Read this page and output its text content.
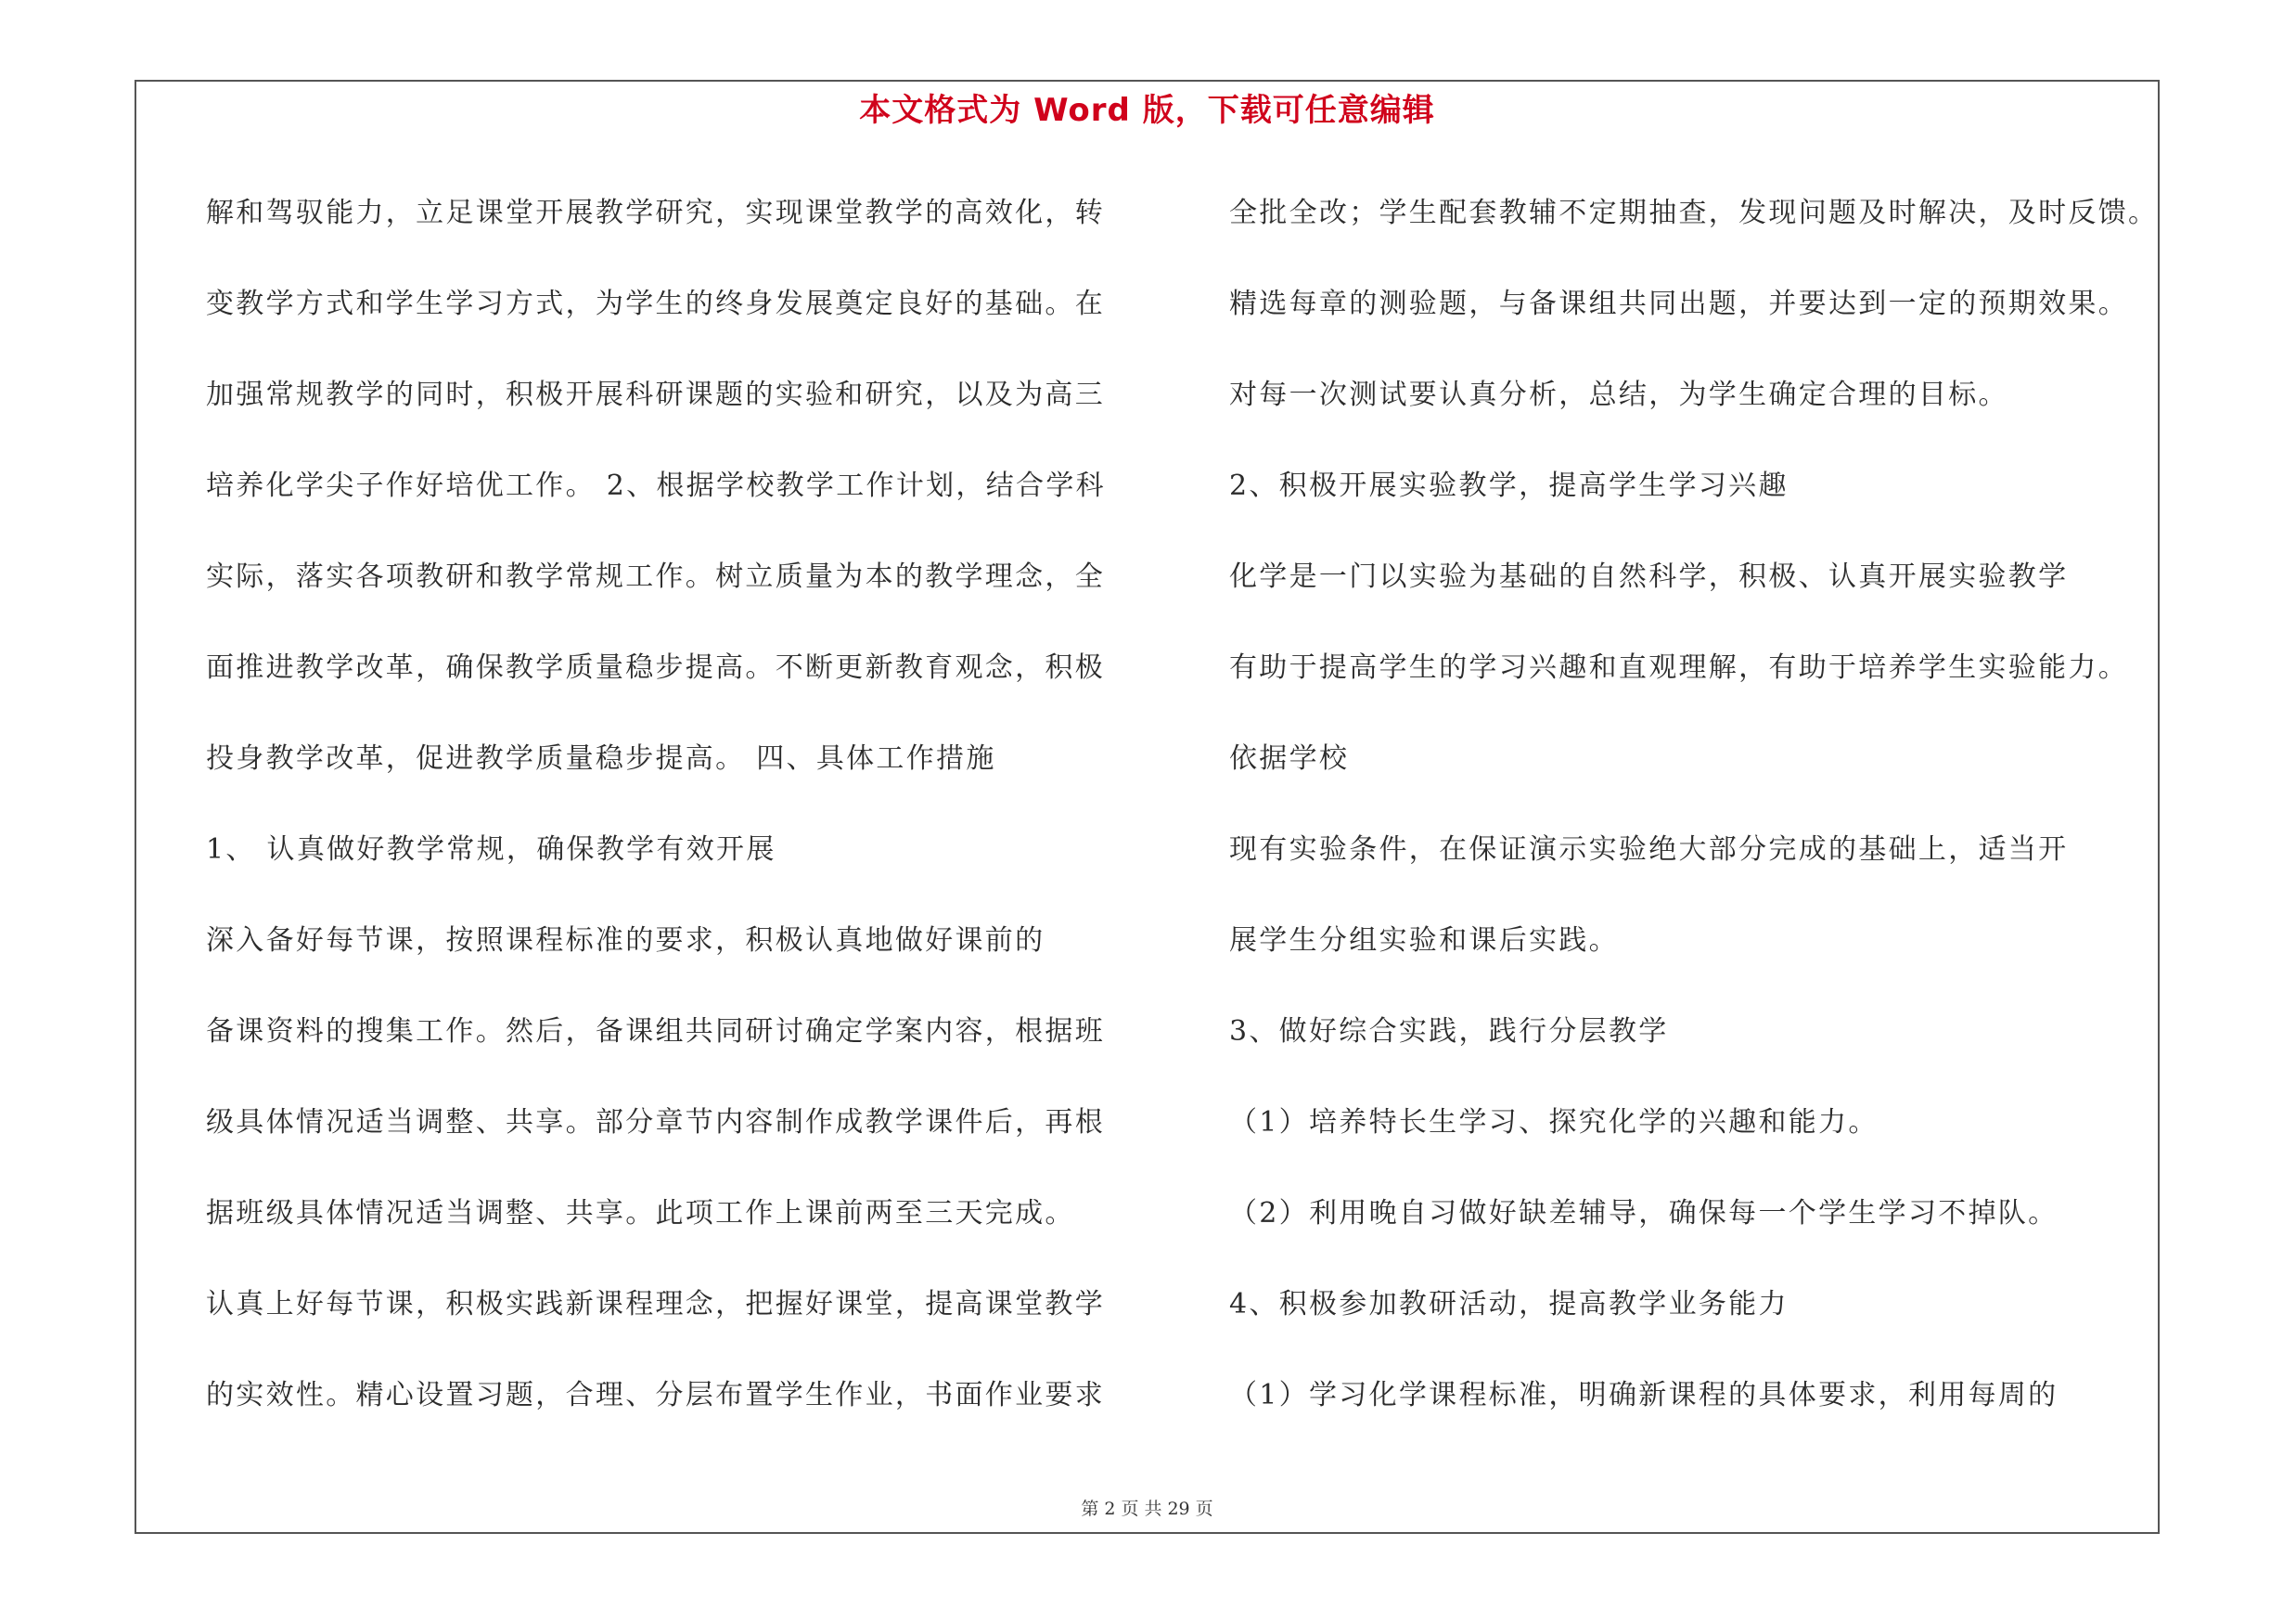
本文格式为 Word 版，下载可任意编辑

解和驾驭能力，立足课堂开展教学研究，实现课堂教学的高效化，转

变教学方式和学生学习方式，为学生的终身发展奠定良好的基础。在

加强常规教学的同时，积极开展科研课题的实验和研究，以及为高三

培养化学尖子作好培优工作。 2、根据学校教学工作计划，结合学科

实际，落实各项教研和教学常规工作。树立质量为本的教学理念，全

面推进教学改革，确保教学质量稳步提高。不断更新教育观念，积极

投身教学改革，促进教学质量稳步提高。 四、具体工作措施

1、 认真做好教学常规，确保教学有效开展

深入备好每节课，按照课程标准的要求，积极认真地做好课前的

备课资料的搜集工作。然后，备课组共同研讨确定学案内容，根据班

级具体情况适当调整、共享。部分章节内容制作成教学课件后，再根

据班级具体情况适当调整、共享。此项工作上课前两至三天完成。

认真上好每节课，积极实践新课程理念，把握好课堂，提高课堂教学

的实效性。精心设置习题，合理、分层布置学生作业，书面作业要求

全批全改；学生配套教辅不定期抽查，发现问题及时解决，及时反馈。

精选每章的测验题，与备课组共同出题，并要达到一定的预期效果。

对每一次测试要认真分析，总结，为学生确定合理的目标。

2、积极开展实验教学，提高学生学习兴趣

化学是一门以实验为基础的自然科学，积极、认真开展实验教学

有助于提高学生的学习兴趣和直观理解，有助于培养学生实验能力。

依据学校

现有实验条件，在保证演示实验绝大部分完成的基础上，适当开

展学生分组实验和课后实践。

3、做好综合实践，践行分层教学

（1）培养特长生学习、探究化学的兴趣和能力。

（2）利用晚自习做好缺差辅导，确保每一个学生学习不掉队。

4、积极参加教研活动，提高教学业务能力

（1）学习化学课程标准，明确新课程的具体要求，利用每周的

第 2 页 共 29 页
